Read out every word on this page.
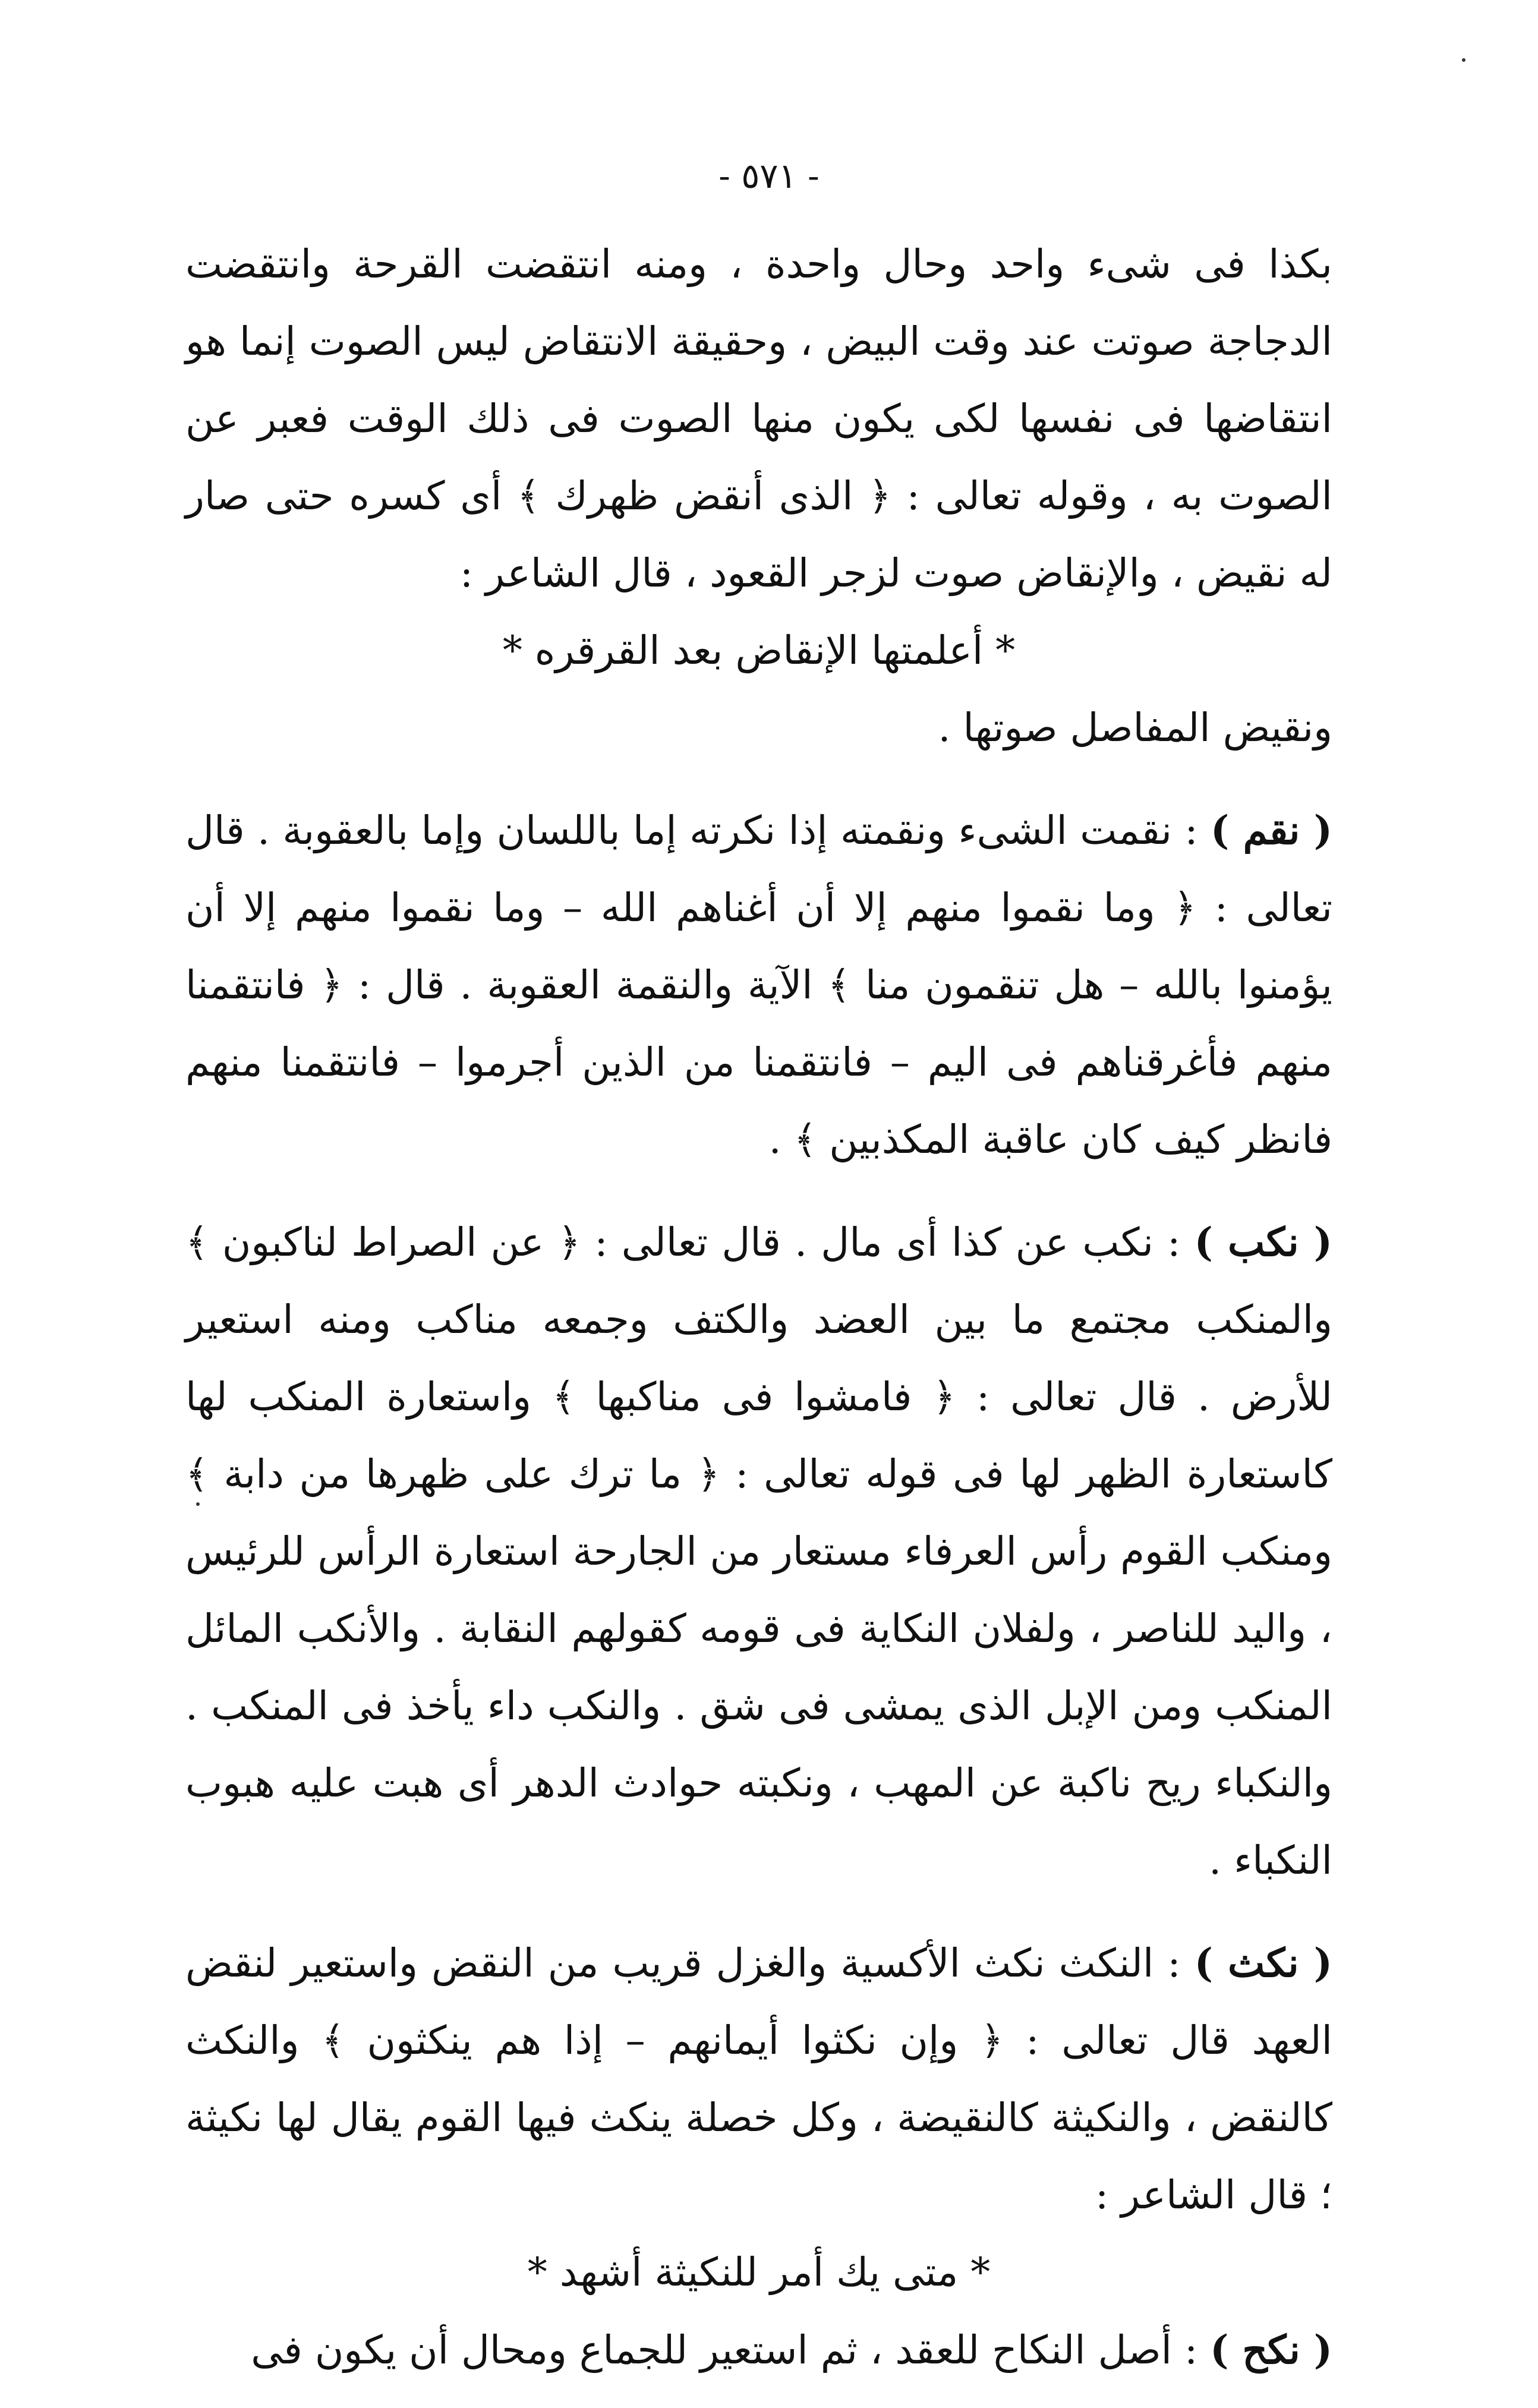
- ٥٧١ -

بكذا فى شىء واحد وحال واحدة ، ومنه انتقضت القرحة وانتقضت الدجاجة صوتت عند وقت البيض ، وحقيقة الانتقاض ليس الصوت إنما هو انتقاضها فى نفسها لكى يكون منها الصوت فى ذلك الوقت فعبر عن الصوت به ، وقوله تعالى : ﴿ الذى أنقض ظهرك ﴾ أى كسره حتى صار له نقيض ، والإنقاض صوت لزجر القعود ، قال الشاعر :

* أعلمتها الإنقاض بعد القرقره *

ونقيض المفاصل صوتها .

( نقم ) : نقمت الشىء ونقمته إذا نكرته إما باللسان وإما بالعقوبة . قال تعالى : ﴿ وما نقموا منهم إلا أن أغناهم الله – وما نقموا منهم إلا أن يؤمنوا بالله – هل تنقمون منا ﴾ الآية والنقمة العقوبة . قال : ﴿ فانتقمنا منهم فأغرقناهم فى اليم – فانتقمنا من الذين أجرموا – فانتقمنا منهم فانظر كيف كان عاقبة المكذبين ﴾ .

( نكب ) : نكب عن كذا أى مال . قال تعالى : ﴿ عن الصراط لناكبون ﴾ والمنكب مجتمع ما بين العضد والكتف وجمعه مناكب ومنه استعير للأرض . قال تعالى : ﴿ فامشوا فى مناكبها ﴾ واستعارة المنكب لها كاستعارة الظهر لها فى قوله تعالى : ﴿ ما ترك على ظهرها من دابة ﴾ ومنكب القوم رأس العرفاء مستعار من الجارحة استعارة الرأس للرئيس ، واليد للناصر ، ولفلان النكاية فى قومه كقولهم النقابة . والأنكب المائل المنكب ومن الإبل الذى يمشى فى شق . والنكب داء يأخذ فى المنكب . والنكباء ريح ناكبة عن المهب ، ونكبته حوادث الدهر أى هبت عليه هبوب النكباء .

( نكث ) : النكث نكث الأكسية والغزل قريب من النقض واستعير لنقض العهد قال تعالى : ﴿ وإن نكثوا أيمانهم – إذا هم ينكثون ﴾ والنكث كالنقض ، والنكيثة كالنقيضة ، وكل خصلة ينكث فيها القوم يقال لها نكيثة ؛ قال الشاعر :

* متى يك أمر للنكيثة أشهد *

( نكح ) : أصل النكاح للعقد ، ثم استعير للجماع ومحال أن يكون فى
